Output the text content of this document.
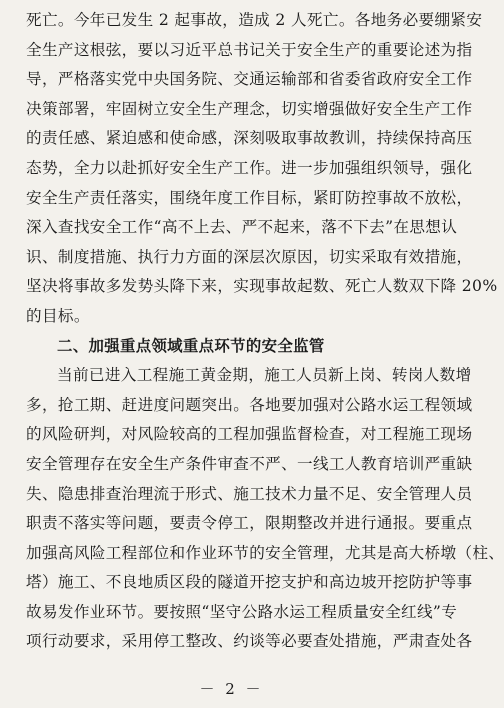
死亡。今年已发生 2 起事故，造成 2 人死亡。各地务必要绷紧安
全生产这根弦，要以习近平总书记关于安全生产的重要论述为指
导，严格落实党中央国务院、交通运输部和省委省政府安全工作
决策部署，牢固树立安全生产理念，切实增强做好安全生产工作
的责任感、紧迫感和使命感，深刻吸取事故教训，持续保持高压
态势，全力以赴抓好安全生产工作。进一步加强组织领导，强化
安全生产责任落实，围绕年度工作目标，紧盯防控事故不放松，
深入查找安全工作“高不上去、严不起来，落不下去”在思想认
识、制度措施、执行力方面的深层次原因，切实采取有效措施，
坚决将事故多发势头降下来，实现事故起数、死亡人数双下降 20%
的目标。
二、加强重点领域重点环节的安全监管
当前已进入工程施工黄金期，施工人员新上岗、转岗人数增
多，抢工期、赶进度问题突出。各地要加强对公路水运工程领域
的风险研判，对风险较高的工程加强监督检查，对工程施工现场
安全管理存在安全生产条件审查不严、一线工人教育培训严重缺
失、隐患排查治理流于形式、施工技术力量不足、安全管理人员
职责不落实等问题，要责令停工，限期整改并进行通报。要重点
加强高风险工程部位和作业环节的安全管理，尤其是高大桥墩（柱、
塔）施工、不良地质区段的隧道开挖支护和高边坡开挖防护等事
故易发作业环节。要按照“坚守公路水运工程质量安全红线”专
项行动要求，采用停工整改、约谈等必要查处措施，严肃查处各
－ 2 －
